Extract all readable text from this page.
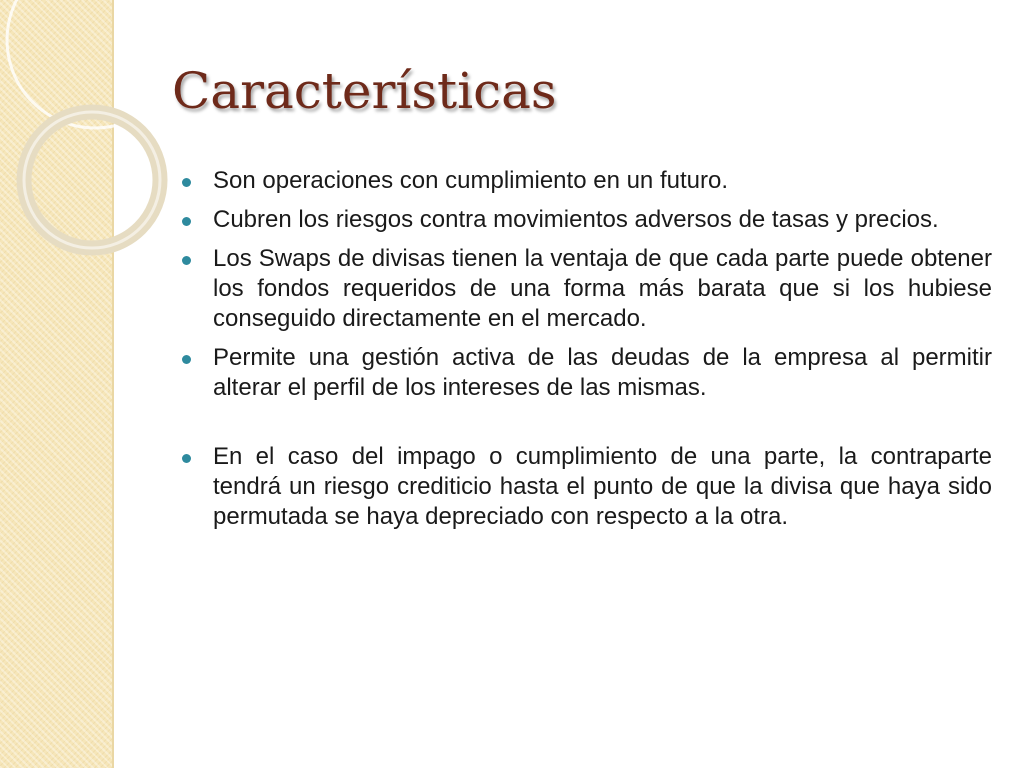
Características
Son operaciones con cumplimiento en un futuro.
Cubren los riesgos contra movimientos adversos de tasas y precios.
Los Swaps de divisas tienen la ventaja de que cada parte puede obtener los fondos requeridos de una forma más barata que si los hubiese conseguido directamente en el mercado.
Permite una gestión activa de las deudas de la empresa al permitir alterar el perfil de los intereses de las mismas.
En el caso del impago o cumplimiento de una parte, la contraparte tendrá un riesgo crediticio hasta el punto de que la divisa que haya sido permutada se haya depreciado con respecto a la otra.
